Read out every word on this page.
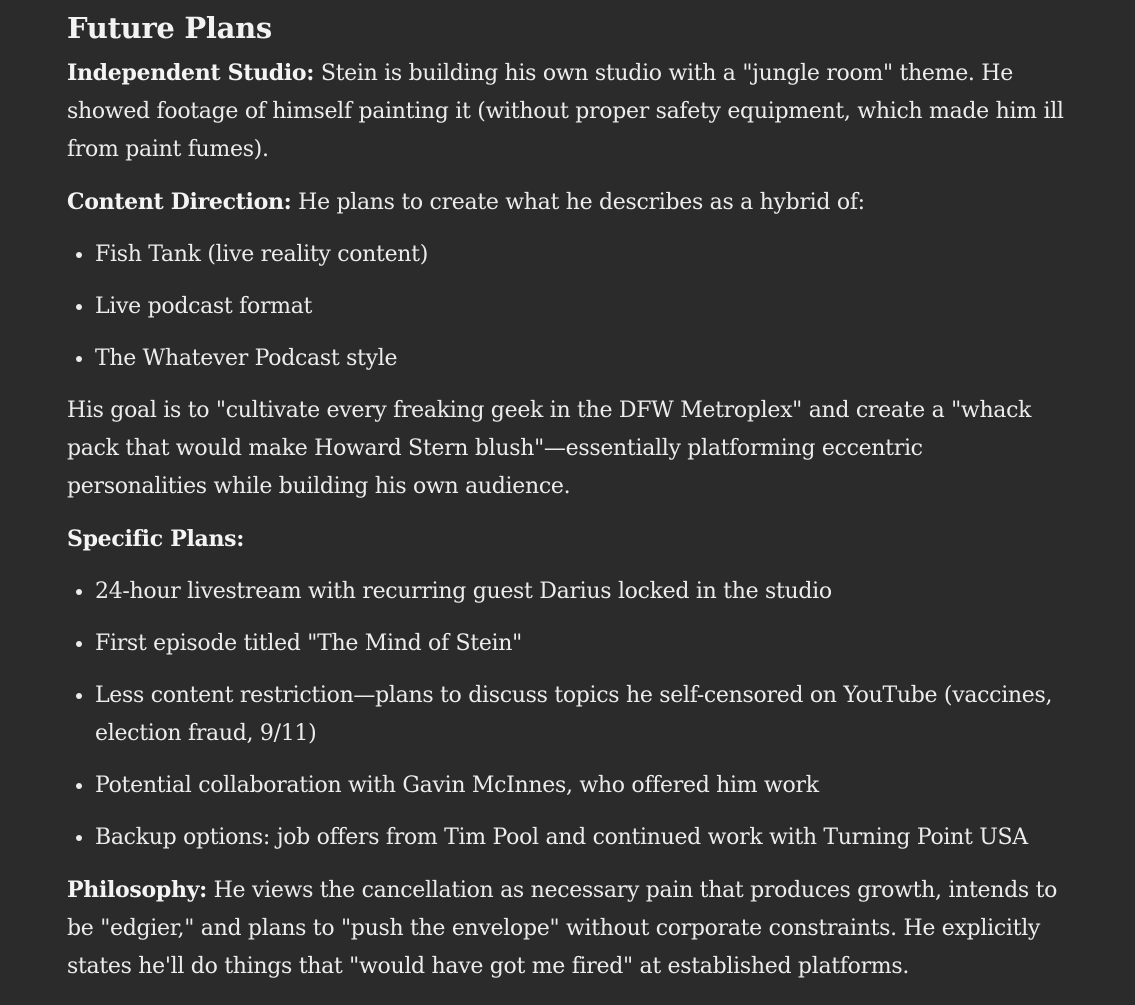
Future Plans

Independent Studio: Stein is building his own studio with a "jungle room" theme. He showed footage of himself painting it (without proper safety equipment, which made him ill from paint fumes).

Content Direction: He plans to create what he describes as a hybrid of:

• Fish Tank (live reality content)
• Live podcast format
• The Whatever Podcast style

His goal is to "cultivate every freaking geek in the DFW Metroplex" and create a "whack pack that would make Howard Stern blush"—essentially platforming eccentric personalities while building his own audience.

Specific Plans:

• 24-hour livestream with recurring guest Darius locked in the studio
• First episode titled "The Mind of Stein"
• Less content restriction—plans to discuss topics he self-censored on YouTube (vaccines, election fraud, 9/11)
• Potential collaboration with Gavin McInnes, who offered him work
• Backup options: job offers from Tim Pool and continued work with Turning Point USA

Philosophy: He views the cancellation as necessary pain that produces growth, intends to be "edgier," and plans to "push the envelope" without corporate constraints. He explicitly states he'll do things that "would have got me fired" at established platforms.
